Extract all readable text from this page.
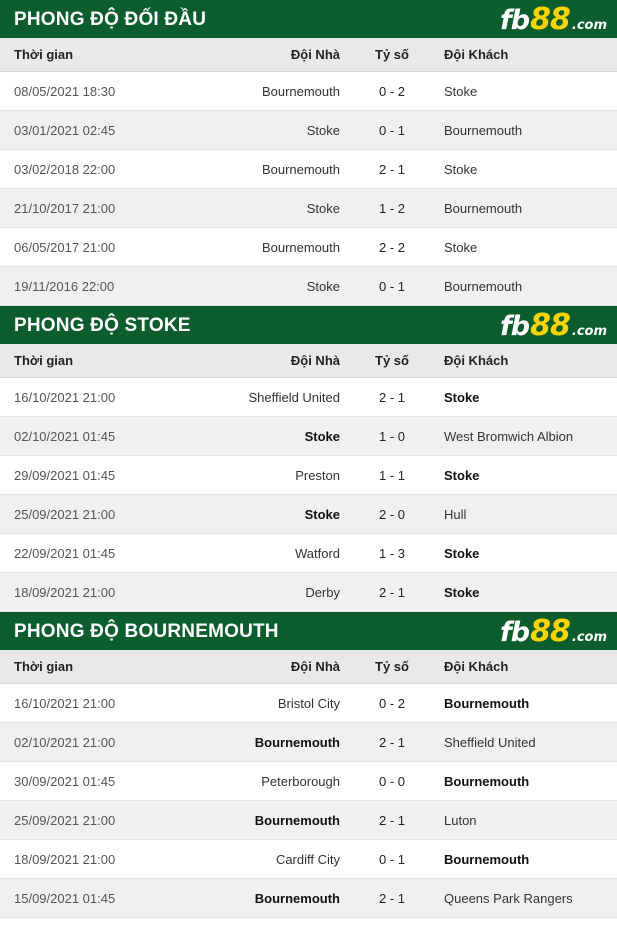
PHONG ĐỘ ĐỐI ĐẦU	fb 88 .com
Thời gian	Đội Nhà	Tỷ số	Đội Khách
08/05/2021 18:30	Bournemouth	0 - 2	Stoke
03/01/2021 02:45	Stoke	0 - 1	Bournemouth
03/02/2018 22:00	Bournemouth	2 - 1	Stoke
21/10/2017 21:00	Stoke	1 - 2	Bournemouth
06/05/2017 21:00	Bournemouth	2 - 2	Stoke
19/11/2016 22:00	Stoke	0 - 1	Bournemouth
PHONG ĐỘ STOKE	fb 88 .com
Thời gian	Đội Nhà	Tỷ số	Đội Khách
16/10/2021 21:00	Sheffield United	2 - 1	Stoke
02/10/2021 01:45	Stoke	1 - 0	West Bromwich Albion
29/09/2021 01:45	Preston	1 - 1	Stoke
25/09/2021 21:00	Stoke	2 - 0	Hull
22/09/2021 01:45	Watford	1 - 3	Stoke
18/09/2021 21:00	Derby	2 - 1	Stoke
PHONG ĐỘ BOURNEMOUTH	fb 88 .com
Thời gian	Đội Nhà	Tỷ số	Đội Khách
16/10/2021 21:00	Bristol City	0 - 2	Bournemouth
02/10/2021 21:00	Bournemouth	2 - 1	Sheffield United
30/09/2021 01:45	Peterborough	0 - 0	Bournemouth
25/09/2021 21:00	Bournemouth	2 - 1	Luton
18/09/2021 21:00	Cardiff City	0 - 1	Bournemouth
15/09/2021 01:45	Bournemouth	2 - 1	Queens Park Rangers
